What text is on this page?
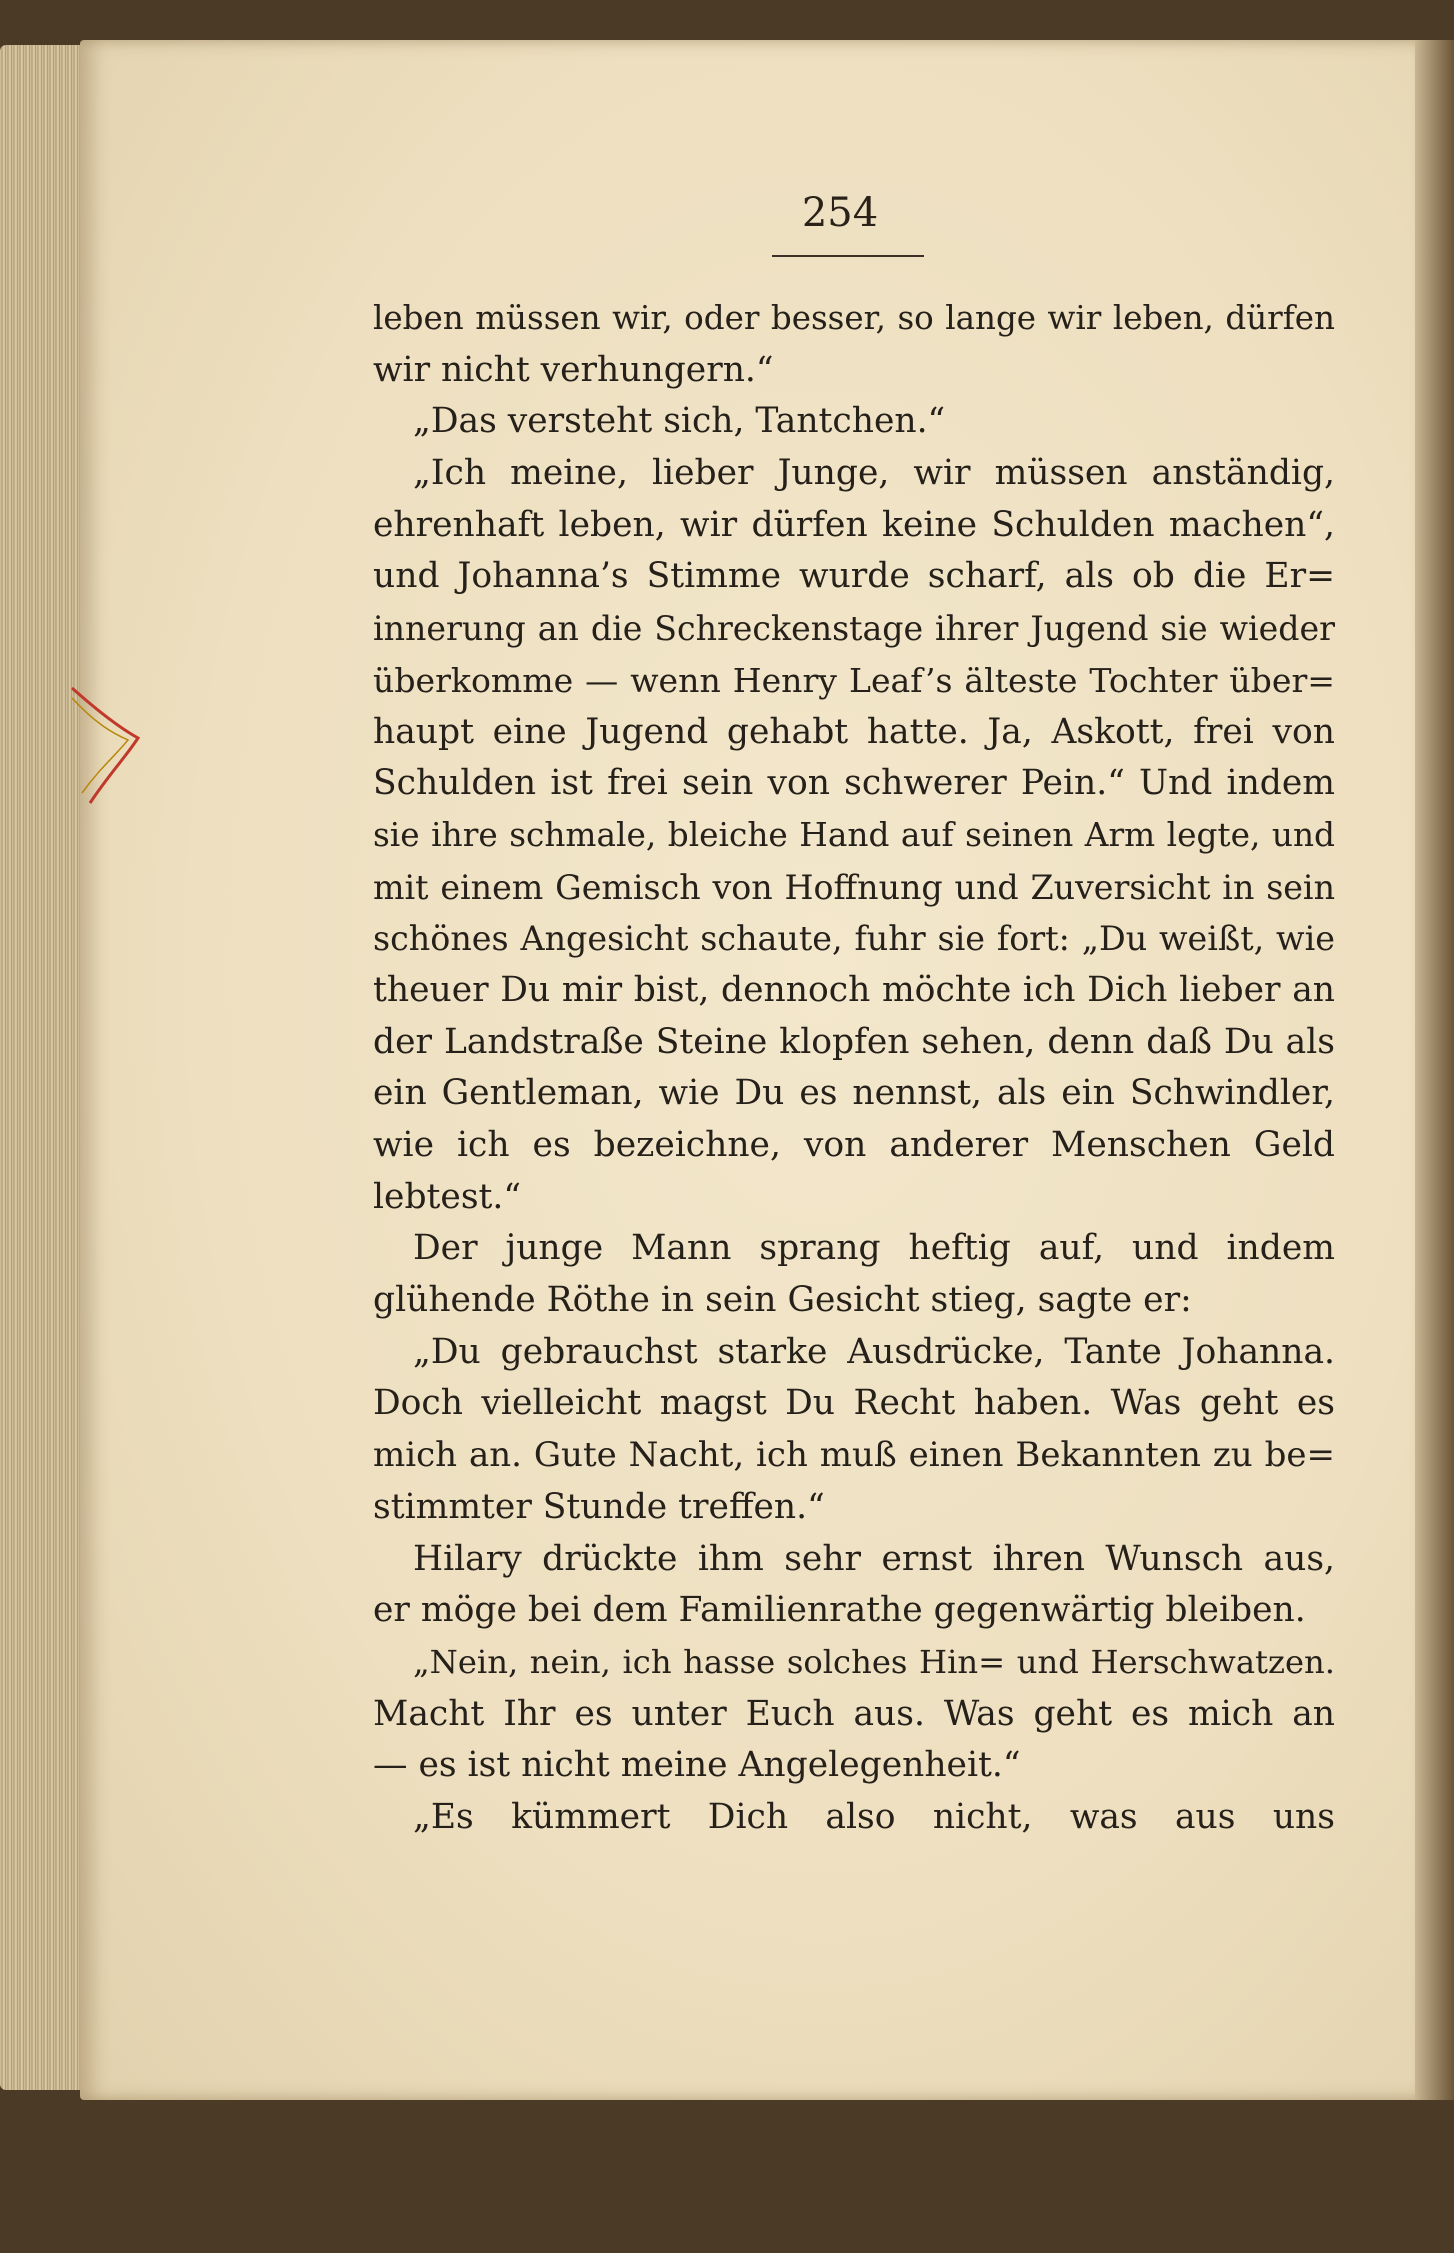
254
leben müssen wir, oder besser, so lange wir leben, dürfen
wir nicht verhungern.“
„Das versteht sich, Tantchen.“
„Ich meine, lieber Junge, wir müssen anständig,
ehrenhaft leben, wir dürfen keine Schulden machen“,
und Johanna’s Stimme wurde scharf, als ob die Er=
innerung an die Schreckenstage ihrer Jugend sie wieder
überkomme — wenn Henry Leaf’s älteste Tochter über=
haupt eine Jugend gehabt hatte. Ja, Askott, frei von
Schulden ist frei sein von schwerer Pein.“ Und indem
sie ihre schmale, bleiche Hand auf seinen Arm legte, und
mit einem Gemisch von Hoffnung und Zuversicht in sein
schönes Angesicht schaute, fuhr sie fort: „Du weißt, wie
theuer Du mir bist, dennoch möchte ich Dich lieber an
der Landstraße Steine klopfen sehen, denn daß Du als
ein Gentleman, wie Du es nennst, als ein Schwindler,
wie ich es bezeichne, von anderer Menschen Geld
lebtest.“
Der junge Mann sprang heftig auf, und indem
glühende Röthe in sein Gesicht stieg, sagte er:
„Du gebrauchst starke Ausdrücke, Tante Johanna.
Doch vielleicht magst Du Recht haben. Was geht es
mich an. Gute Nacht, ich muß einen Bekannten zu be=
stimmter Stunde treffen.“
Hilary drückte ihm sehr ernst ihren Wunsch aus,
er möge bei dem Familienrathe gegenwärtig bleiben.
„Nein, nein, ich hasse solches Hin= und Herschwatzen.
Macht Ihr es unter Euch aus. Was geht es mich an
— es ist nicht meine Angelegenheit.“
„Es kümmert Dich also nicht, was aus uns
